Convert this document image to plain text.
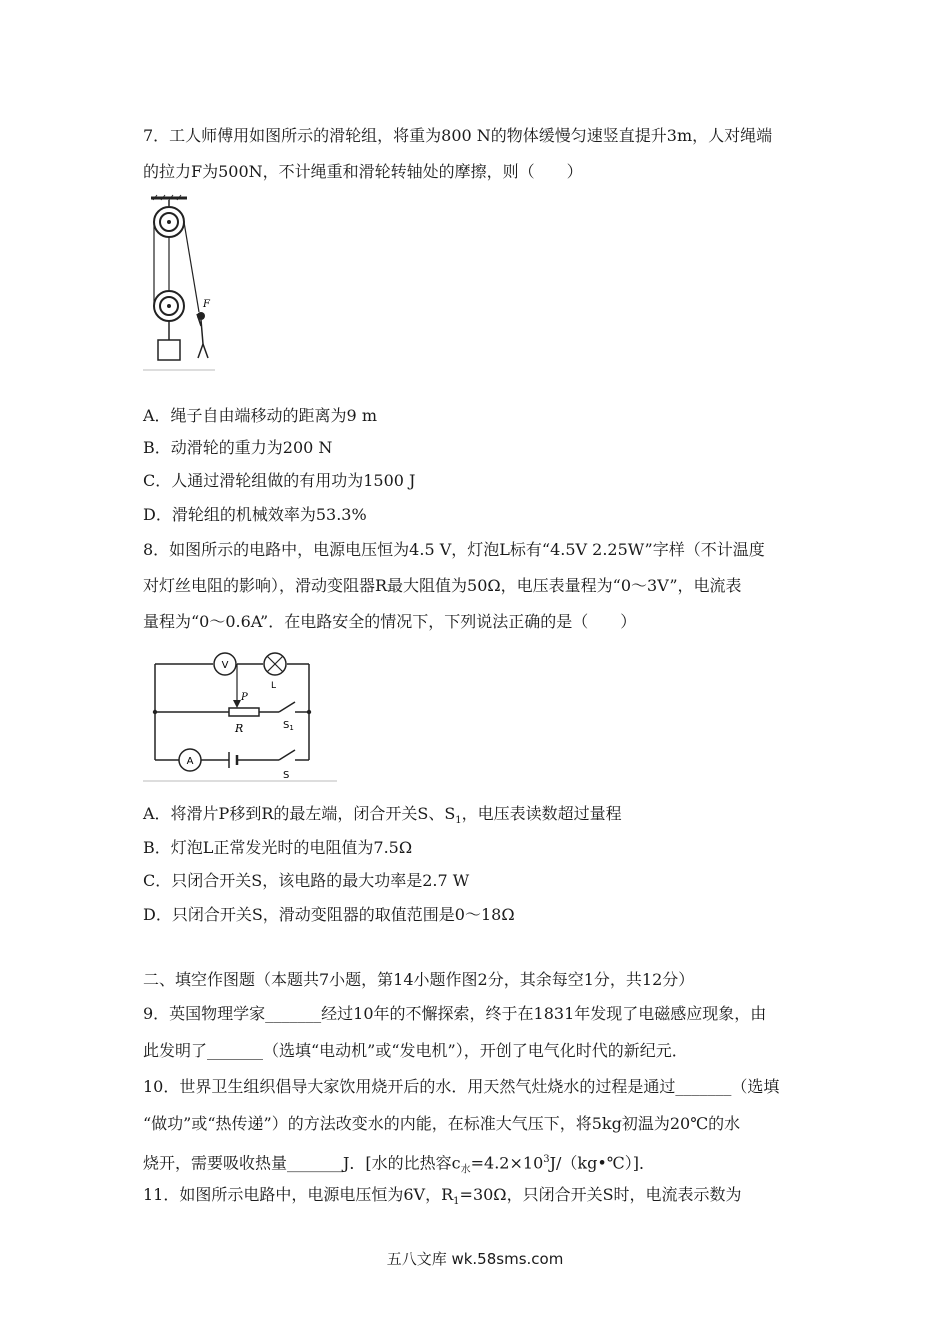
7．工人师傅用如图所示的滑轮组，将重为800 N的物体缓慢匀速竖直提升3m，人对绳端
的拉力F为500N，不计绳重和滑轮转轴处的摩擦，则（　　）
F
A．绳子自由端移动的距离为9 m
B．动滑轮的重力为200 N
C．人通过滑轮组做的有用功为1500 J
D．滑轮组的机械效率为53.3%
8．如图所示的电路中，电源电压恒为4.5 V，灯泡L标有“4.5V 2.25W”字样（不计温度
对灯丝电阻的影响），滑动变阻器R最大阻值为50Ω，电压表量程为“0～3V”，电流表
量程为“0～0.6A”．在电路安全的情况下，下列说法正确的是（　　）
V
L
P
R	$S_1$
A
S
A．将滑片P移到R的最左端，闭合开关S、$S_1$，电压表读数超过量程
B．灯泡L正常发光时的电阻值为7.5Ω
C．只闭合开关S，该电路的最大功率是2.7 W
D．只闭合开关S，滑动变阻器的取值范围是0～18Ω
二、填空作图题（本题共7小题，第14小题作图2分，其余每空1分，共12分）
9．英国物理学家_______经过10年的不懈探索，终于在1831年发现了电磁感应现象，由
此发明了_______（选填“电动机”或“发电机”），开创了电气化时代的新纪元．
10．世界卫生组织倡导大家饮用烧开后的水．用天然气灶烧水的过程是通过_______（选填
“做功”或“热传递”）的方法改变水的内能，在标准大气压下，将5kg初温为20℃的水
烧开，需要吸收热量_______J．[水的比热容$c_水=4.2\times 10^3J/(kg•℃)$]．
11．如图所示电路中，电源电压恒为6V，$R_1=30\Omega$，只闭合开关S时，电流表示数为
五八文库 wk.58sms.com
